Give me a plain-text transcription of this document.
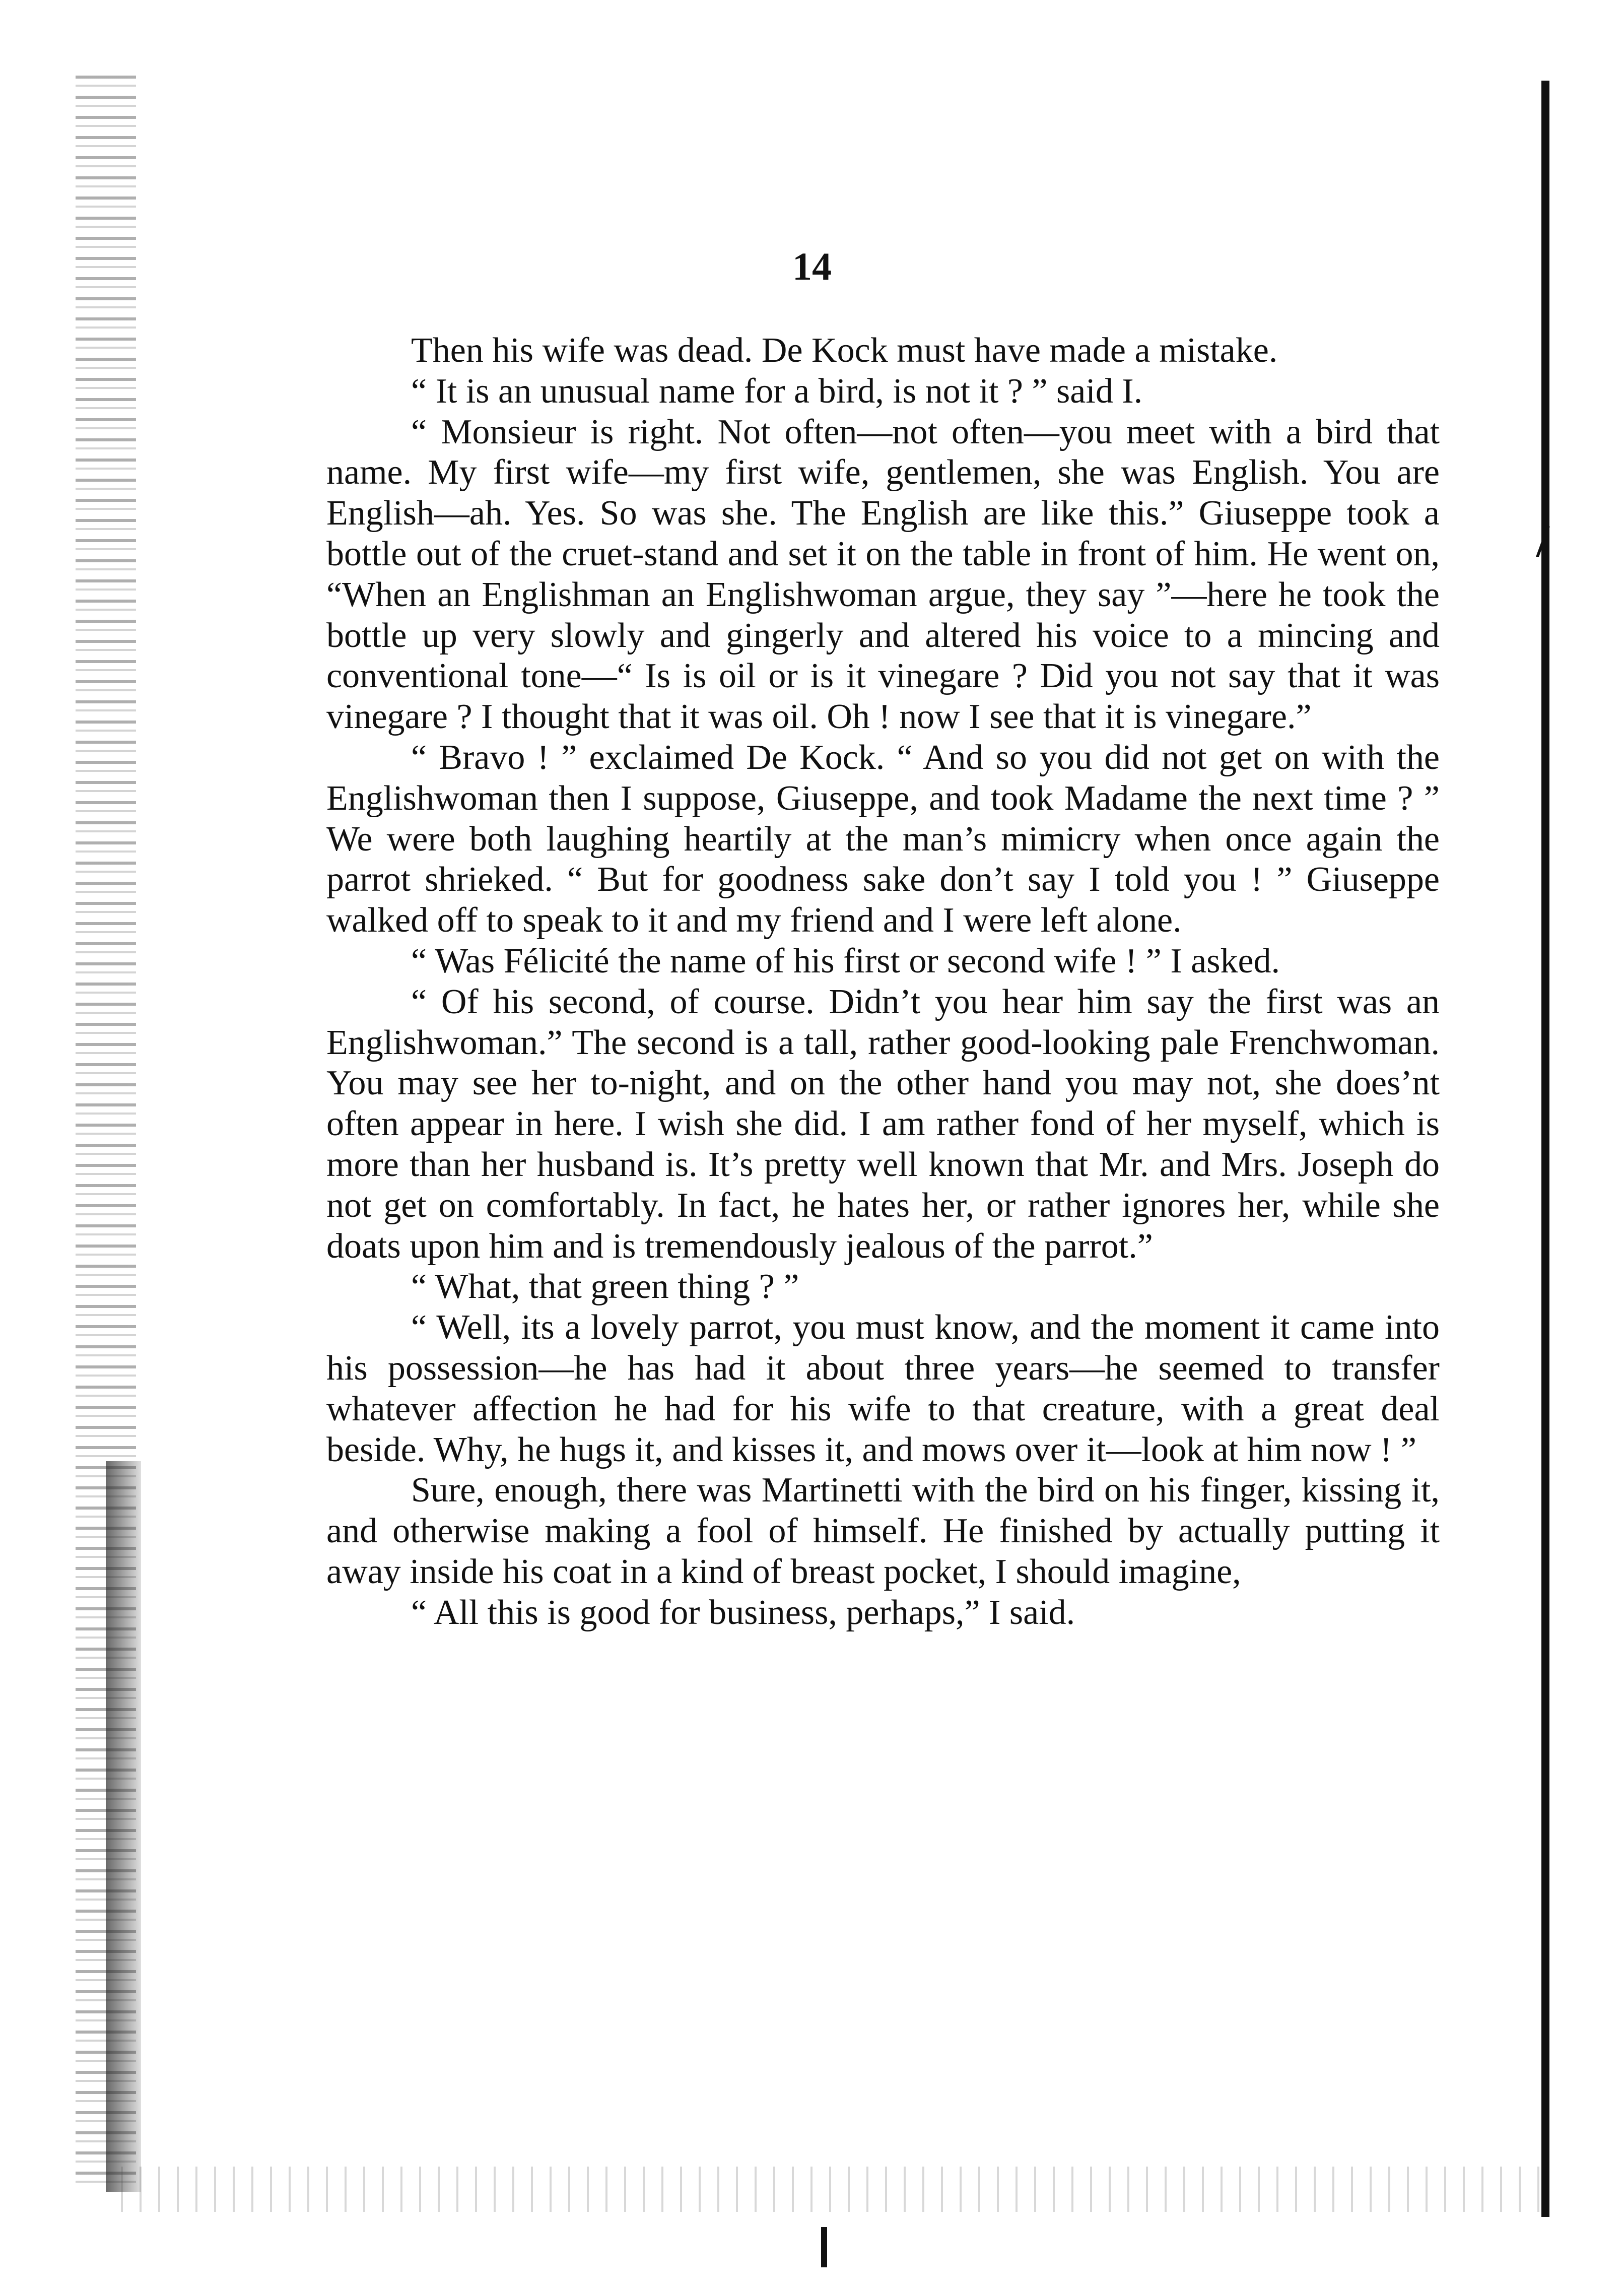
14

Then his wife was dead. De Kock must have made a mistake.

“ It is an unusual name for a bird, is not it ? ” said I.

“ Monsieur is right. Not often—not often—you meet with a bird that name. My first wife—my first wife, gentlemen, she was English. You are English—ah. Yes. So was she. The English are like this.” Giuseppe took a bottle out of the cruet-stand and set it on the table in front of him. He went on, “When an Englishman an Englishwoman argue, they say ”—here he took the bottle up very slowly and gingerly and altered his voice to a mincing and conventional tone—“ Is is oil or is it vinegare ? Did you not say that it was vinegare ? I thought that it was oil. Oh ! now I see that it is vinegare.”

“ Bravo ! ” exclaimed De Kock. “ And so you did not get on with the Englishwoman then I suppose, Giuseppe, and took Madame the next time ? ” We were both laughing heartily at the man’s mimicry when once again the parrot shrieked. “ But for goodness sake don’t say I told you ! ” Giuseppe walked off to speak to it and my friend and I were left alone.

“ Was Félicité the name of his first or second wife ! ” I asked.

“ Of his second, of course. Didn’t you hear him say the first was an Englishwoman.” The second is a tall, rather good-looking pale Frenchwoman. You may see her to-night, and on the other hand you may not, she does’nt often appear in here. I wish she did. I am rather fond of her myself, which is more than her husband is. It’s pretty well known that Mr. and Mrs. Joseph do not get on comfortably. In fact, he hates her, or rather ignores her, while she doats upon him and is tremendously jealous of the parrot.”

“ What, that green thing ? ”

“ Well, its a lovely parrot, you must know, and the moment it came into his possession—he has had it about three years—he seemed to transfer whatever affection he had for his wife to that creature, with a great deal beside. Why, he hugs it, and kisses it, and mows over it—look at him now ! ”

Sure, enough, there was Martinetti with the bird on his finger, kissing it, and otherwise making a fool of himself. He finished by actually putting it away inside his coat in a kind of breast pocket, I should imagine,

“ All this is good for business, perhaps,” I said.
